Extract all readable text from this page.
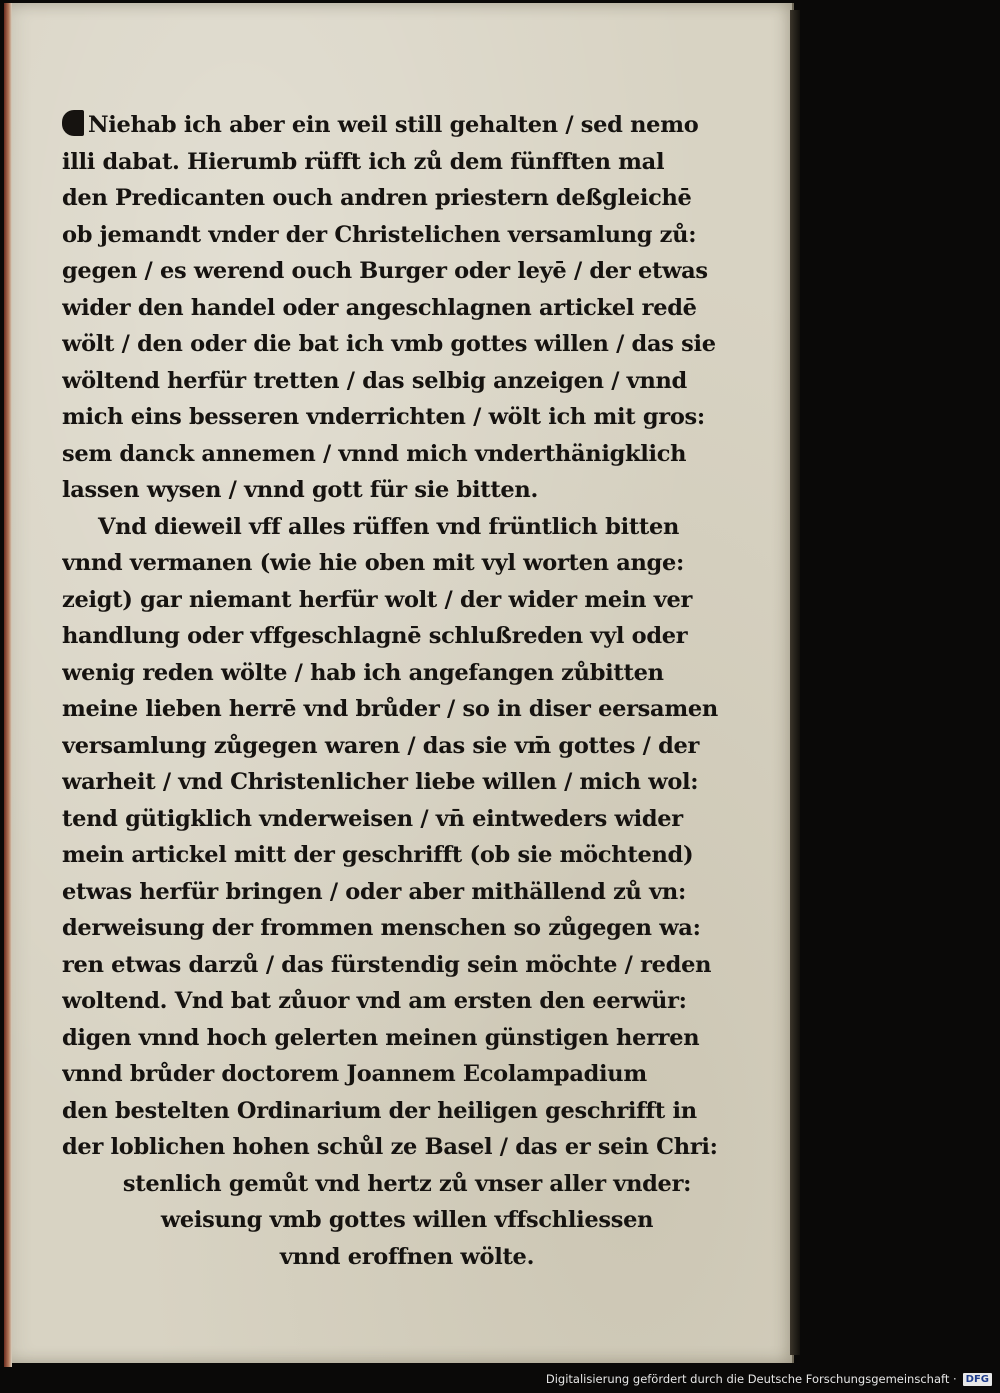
Niehab ich aber ein weil still gehalten / sed nemo
illi dabat. Hierumb rüfft ich zů dem fünfften mal
den Predicanten ouch andren priestern deßgleichē
ob jemandt vnder der Christelichen versamlung zů:
gegen / es werend ouch Burger oder leyē / der etwas
wider den handel oder angeschlagnen artickel redē
wölt / den oder die bat ich vmb gottes willen / das sie
wöltend herfür tretten / das selbig anzeigen / vnnd
mich eins besseren vnderrichten / wölt ich mit gros:
sem danck annemen / vnnd mich vnderthänigklich
lassen wysen / vnnd gott für sie bitten.
Vnd dieweil vff alles rüffen vnd früntlich bitten
vnnd vermanen (wie hie oben mit vyl worten ange:
zeigt) gar niemant herfür wolt / der wider mein ver
handlung oder vffgeschlagnē schlußreden vyl oder
wenig reden wölte / hab ich angefangen zůbitten
meine lieben herrē vnd brůder / so in diser eersamen
versamlung zůgegen waren / das sie vm̄ gottes / der
warheit / vnd Christenlicher liebe willen / mich wol:
tend gütigklich vnderweisen / vn̄ eintweders wider
mein artickel mitt der geschrifft (ob sie möchtend)
etwas herfür bringen / oder aber mithällend zů vn:
derweisung der frommen menschen so zůgegen wa:
ren etwas darzů / das fürstendig sein möchte / reden
woltend. Vnd bat zůuor vnd am ersten den eerwür:
digen vnnd hoch gelerten meinen günstigen herren
vnnd brůder doctorem Joannem Ecolampadium
den bestelten Ordinarium der heiligen geschrifft in
der loblichen hohen schůl ze Basel / das er sein Chri:
stenlich gemůt vnd hertz zů vnser aller vnder:
weisung vmb gottes willen vffschliessen
vnnd eroffnen wölte.
Digitalisierung gefördert durch die Deutsche Forschungsgemeinschaft · DFG
